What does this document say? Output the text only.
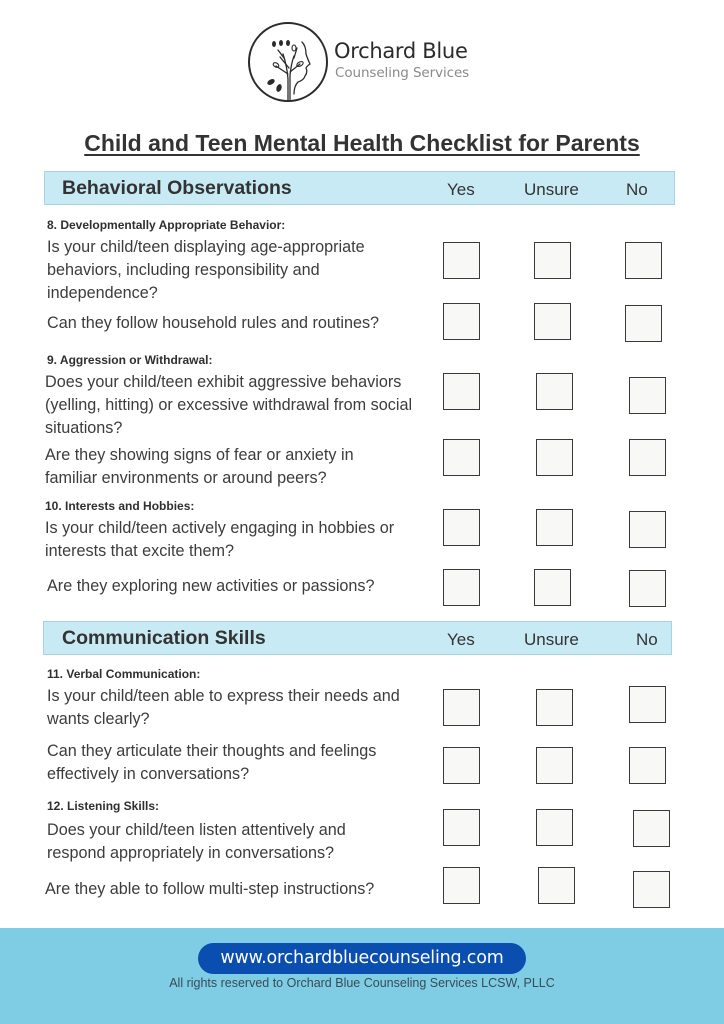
Orchard Blue
Counseling Services
Child and Teen Mental Health Checklist for Parents
Behavioral Observations	Yes	Unsure	No
8. Developmentally Appropriate Behavior:
Is your child/teen displaying age-appropriate behaviors, including responsibility and independence?
Can they follow household rules and routines?
9. Aggression or Withdrawal:
Does your child/teen exhibit aggressive behaviors (yelling, hitting) or excessive withdrawal from social situations?
Are they showing signs of fear or anxiety in familiar environments or around peers?
10. Interests and Hobbies:
Is your child/teen actively engaging in hobbies or interests that excite them?
Are they exploring new activities or passions?
Communication Skills	Yes	Unsure	No
11. Verbal Communication:
Is your child/teen able to express their needs and wants clearly?
Can they articulate their thoughts and feelings effectively in conversations?
12. Listening Skills:
Does your child/teen listen attentively and respond appropriately in conversations?
Are they able to follow multi-step instructions?
www.orchardbluecounseling.com
All rights reserved to Orchard Blue Counseling Services LCSW, PLLC
